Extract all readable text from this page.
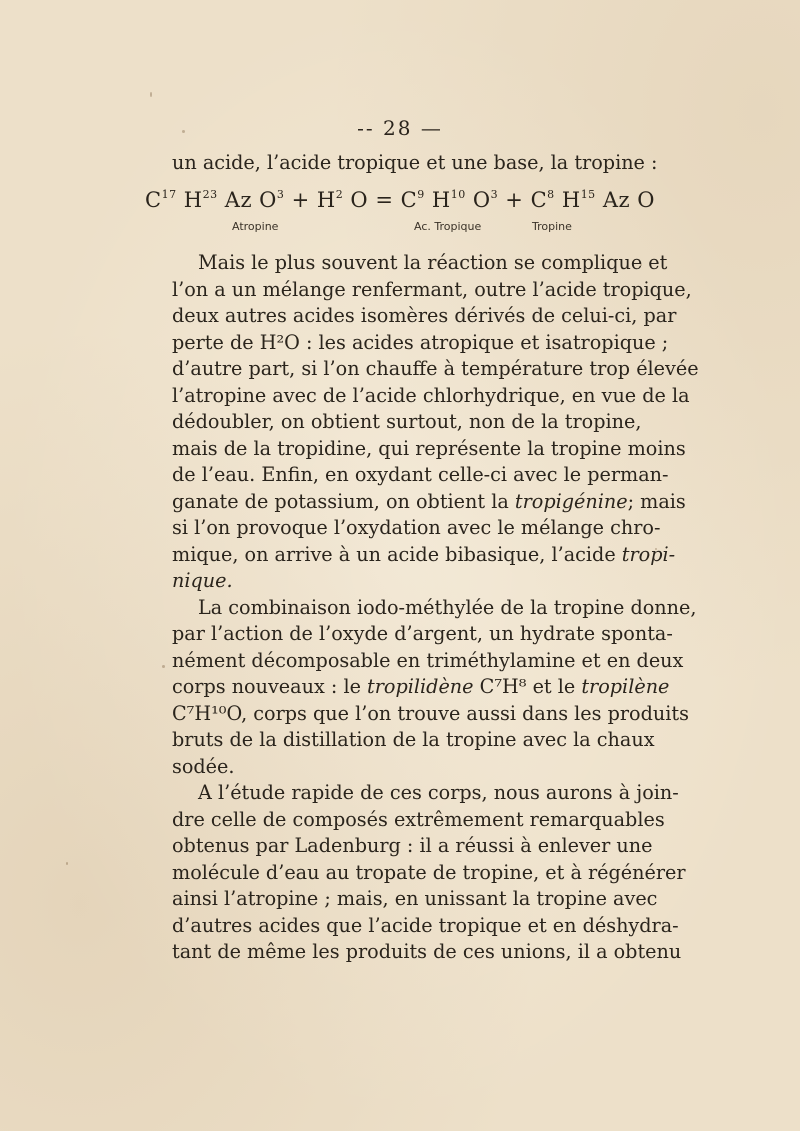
-- 28 —
un acide, l’acide tropique et une base, la tropine :
$C^{17}$ $H^{23}$ Az $O^3 + H^2$ $O = C^9$ $H^{10}$ $O^3 + C^8$ $H^{15}$ Az O
Atropine	Ac. Tropique	Tropine
Mais le plus souvent la réaction se complique et
l’on a un mélange renfermant, outre l’acide tropique,
deux autres acides isomères dérivés de celui-ci, par
perte de H²O : les acides atropique et isatropique ;
d’autre part, si l’on chauffe à température trop élevée
l’atropine avec de l’acide chlorhydrique, en vue de la
dédoubler, on obtient surtout, non de la tropine,
mais de la tropidine, qui représente la tropine moins
de l’eau. Enfin, en oxydant celle-ci avec le perman-
ganate de potassium, on obtient la tropigénine; mais
si l’on provoque l’oxydation avec le mélange chro-
mique, on arrive à un acide bibasique, l’acide tropi-
nique.
La combinaison iodo-méthylée de la tropine donne,
par l’action de l’oxyde d’argent, un hydrate sponta-
nément décomposable en triméthylamine et en deux
corps nouveaux : le tropilidène C⁷H⁸ et le tropilène
C⁷H¹⁰O, corps que l’on trouve aussi dans les produits
bruts de la distillation de la tropine avec la chaux
sodée.
A l’étude rapide de ces corps, nous aurons à join-
dre celle de composés extrêmement remarquables
obtenus par Ladenburg : il a réussi à enlever une
molécule d’eau au tropate de tropine, et à régénérer
ainsi l’atropine ; mais, en unissant la tropine avec
d’autres acides que l’acide tropique et en déshydra-
tant de même les produits de ces unions, il a obtenu
